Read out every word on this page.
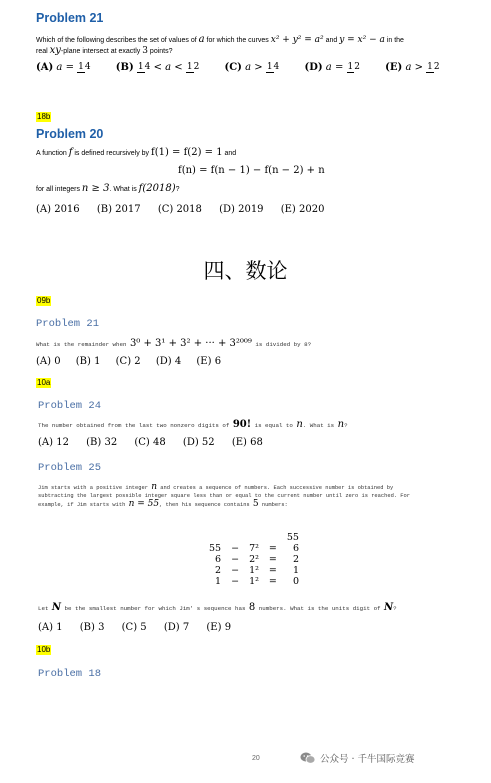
Problem 21
Which of the following describes the set of values of a for which the curves x² + y² = a² and y = x² − a in the
real xy-plane intersect at exactly 3 points?
(A) a = 14	(B) 14 < a < 12	(C) a > 14	(D) a = 12	(E) a > 12
18b
Problem 20
A function f is defined recursively by f(1) = f(2) = 1 and
f(n) = f(n − 1) − f(n − 2) + n
for all integers n ≥ 3. What is f(2018)?
(A) 2016 (B) 2017 (C) 2018 (D) 2019 (E) 2020
四、数论
09b
Problem 21
What is the remainder when 3⁰ + 3¹ + 3² + ··· + 3²⁰⁰⁹ is divided by 8?
(A) 0 (B) 1 (C) 2 (D) 4 (E) 6
10a
Problem 24
The number obtained from the last two nonzero digits of 90! is equal to n. What is n?
(A) 12 (B) 32 (C) 48 (D) 52 (E) 68
Problem 25
Jim starts with a positive integer n and creates a sequence of numbers. Each successive number is obtained by
subtracting the largest possible integer square less than or equal to the current number until zero is reached. For
example, if Jim starts with n = 55, then his sequence contains 5 numbers:
				55
55	−	7²	=	6
6	−	2²	=	2
2	−	1²	=	1
1	−	1²	=	0
Let N be the smallest number for which Jim' s sequence has 8 numbers. What is the units digit of N?
(A) 1 (B) 3 (C) 5 (D) 7 (E) 9
10b
Problem 18
20	公众号 · 千牛国际竞赛
